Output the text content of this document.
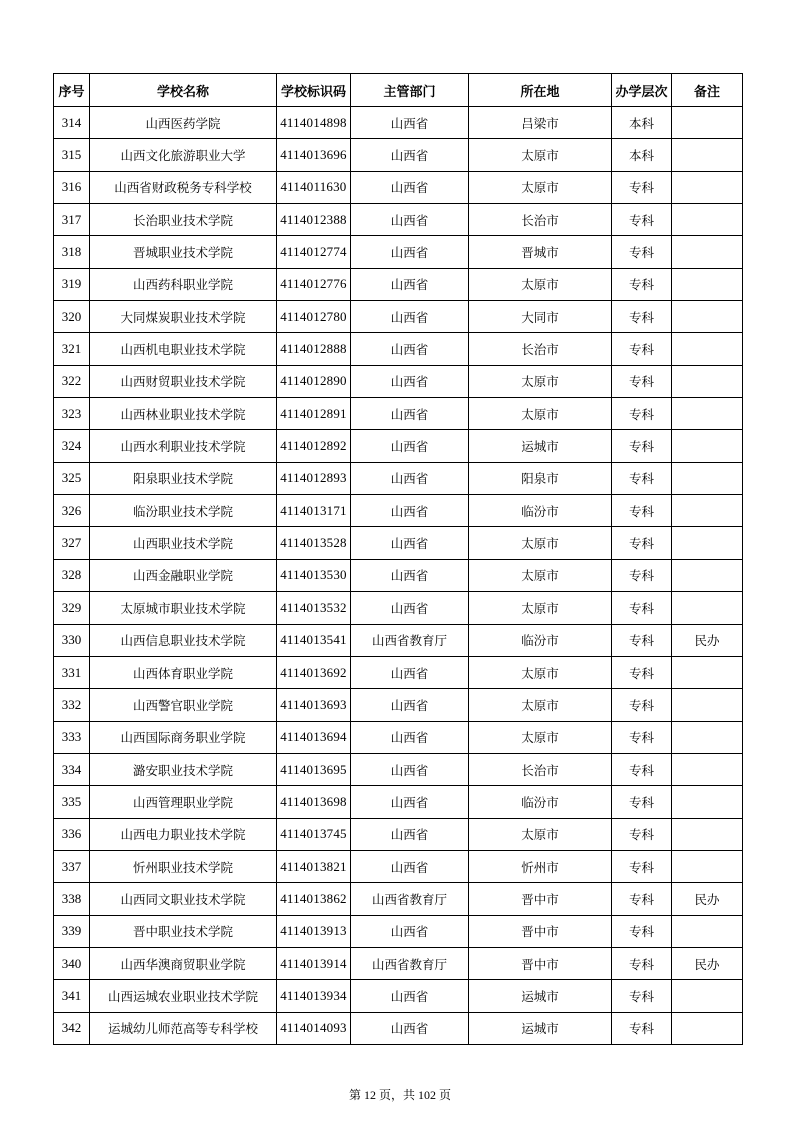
序号	学校名称	学校标识码	主管部门	所在地	办学层次	备注
314	山西医药学院	4114014898	山西省	吕梁市	本科	
315	山西文化旅游职业大学	4114013696	山西省	太原市	本科	
316	山西省财政税务专科学校	4114011630	山西省	太原市	专科	
317	长治职业技术学院	4114012388	山西省	长治市	专科	
318	晋城职业技术学院	4114012774	山西省	晋城市	专科	
319	山西药科职业学院	4114012776	山西省	太原市	专科	
320	大同煤炭职业技术学院	4114012780	山西省	大同市	专科	
321	山西机电职业技术学院	4114012888	山西省	长治市	专科	
322	山西财贸职业技术学院	4114012890	山西省	太原市	专科	
323	山西林业职业技术学院	4114012891	山西省	太原市	专科	
324	山西水利职业技术学院	4114012892	山西省	运城市	专科	
325	阳泉职业技术学院	4114012893	山西省	阳泉市	专科	
326	临汾职业技术学院	4114013171	山西省	临汾市	专科	
327	山西职业技术学院	4114013528	山西省	太原市	专科	
328	山西金融职业学院	4114013530	山西省	太原市	专科	
329	太原城市职业技术学院	4114013532	山西省	太原市	专科	
330	山西信息职业技术学院	4114013541	山西省教育厅	临汾市	专科	民办
331	山西体育职业学院	4114013692	山西省	太原市	专科	
332	山西警官职业学院	4114013693	山西省	太原市	专科	
333	山西国际商务职业学院	4114013694	山西省	太原市	专科	
334	潞安职业技术学院	4114013695	山西省	长治市	专科	
335	山西管理职业学院	4114013698	山西省	临汾市	专科	
336	山西电力职业技术学院	4114013745	山西省	太原市	专科	
337	忻州职业技术学院	4114013821	山西省	忻州市	专科	
338	山西同文职业技术学院	4114013862	山西省教育厅	晋中市	专科	民办
339	晋中职业技术学院	4114013913	山西省	晋中市	专科	
340	山西华澳商贸职业学院	4114013914	山西省教育厅	晋中市	专科	民办
341	山西运城农业职业技术学院	4114013934	山西省	运城市	专科	
342	运城幼儿师范高等专科学校	4114014093	山西省	运城市	专科	
第 12 页，共 102 页
